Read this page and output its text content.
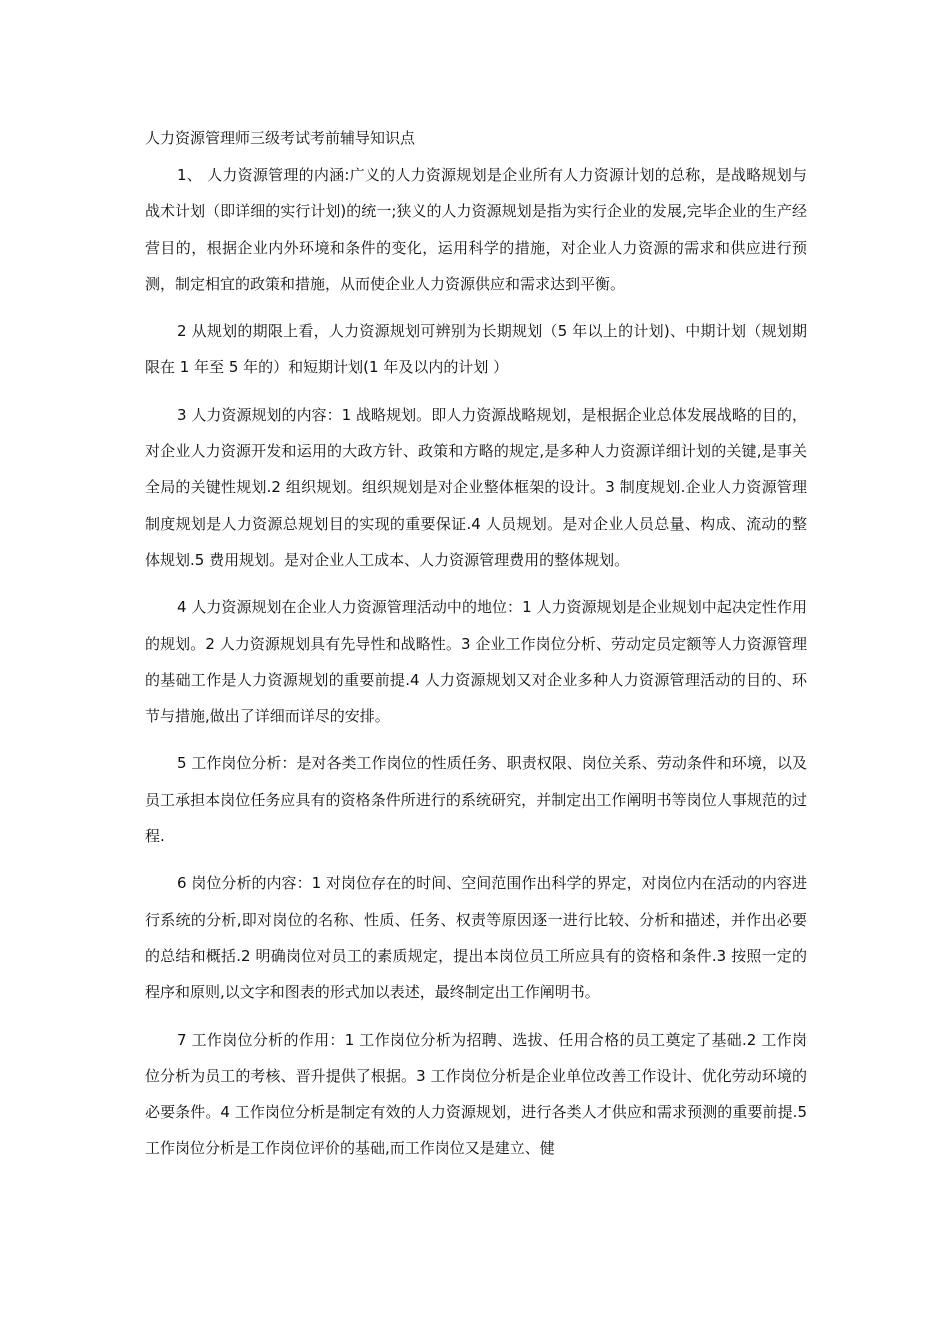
人力资源管理师三级考试考前辅导知识点

1、 人力资源管理的内涵:广义的人力资源规划是企业所有人力资源计划的总称，是战略规划与战术计划（即详细的实行计划)的统一;狭义的人力资源规划是指为实行企业的发展,完毕企业的生产经营目的，根据企业内外环境和条件的变化，运用科学的措施，对企业人力资源的需求和供应进行预测，制定相宜的政策和措施，从而使企业人力资源供应和需求达到平衡。

2 从规划的期限上看，人力资源规划可辨别为长期规划（5 年以上的计划)、中期计划（规划期限在 1 年至 5 年的）和短期计划(1 年及以内的计划 ）

3 人力资源规划的内容：1 战略规划。即人力资源战略规划，是根据企业总体发展战略的目的，对企业人力资源开发和运用的大政方针、政策和方略的规定,是多种人力资源详细计划的关键,是事关全局的关键性规划.2 组织规划。组织规划是对企业整体框架的设计。3 制度规划.企业人力资源管理制度规划是人力资源总规划目的实现的重要保证.4 人员规划。是对企业人员总量、构成、流动的整体规划.5 费用规划。是对企业人工成本、人力资源管理费用的整体规划。

4 人力资源规划在企业人力资源管理活动中的地位：1 人力资源规划是企业规划中起决定性作用的规划。2 人力资源规划具有先导性和战略性。3 企业工作岗位分析、劳动定员定额等人力资源管理的基础工作是人力资源规划的重要前提.4 人力资源规划又对企业多种人力资源管理活动的目的、环节与措施,做出了详细而详尽的安排。

5 工作岗位分析：是对各类工作岗位的性质任务、职责权限、岗位关系、劳动条件和环境，以及员工承担本岗位任务应具有的资格条件所进行的系统研究，并制定出工作阐明书等岗位人事规范的过程.

6 岗位分析的内容：1 对岗位存在的时间、空间范围作出科学的界定，对岗位内在活动的内容进行系统的分析,即对岗位的名称、性质、任务、权责等原因逐一进行比较、分析和描述，并作出必要的总结和概括.2 明确岗位对员工的素质规定，提出本岗位员工所应具有的资格和条件.3 按照一定的程序和原则,以文字和图表的形式加以表述，最终制定出工作阐明书。

7 工作岗位分析的作用：1 工作岗位分析为招聘、选拔、任用合格的员工奠定了基础.2 工作岗位分析为员工的考核、晋升提供了根据。3 工作岗位分析是企业单位改善工作设计、优化劳动环境的必要条件。4 工作岗位分析是制定有效的人力资源规划，进行各类人才供应和需求预测的重要前提.5 工作岗位分析是工作岗位评价的基础,而工作岗位又是建立、健
